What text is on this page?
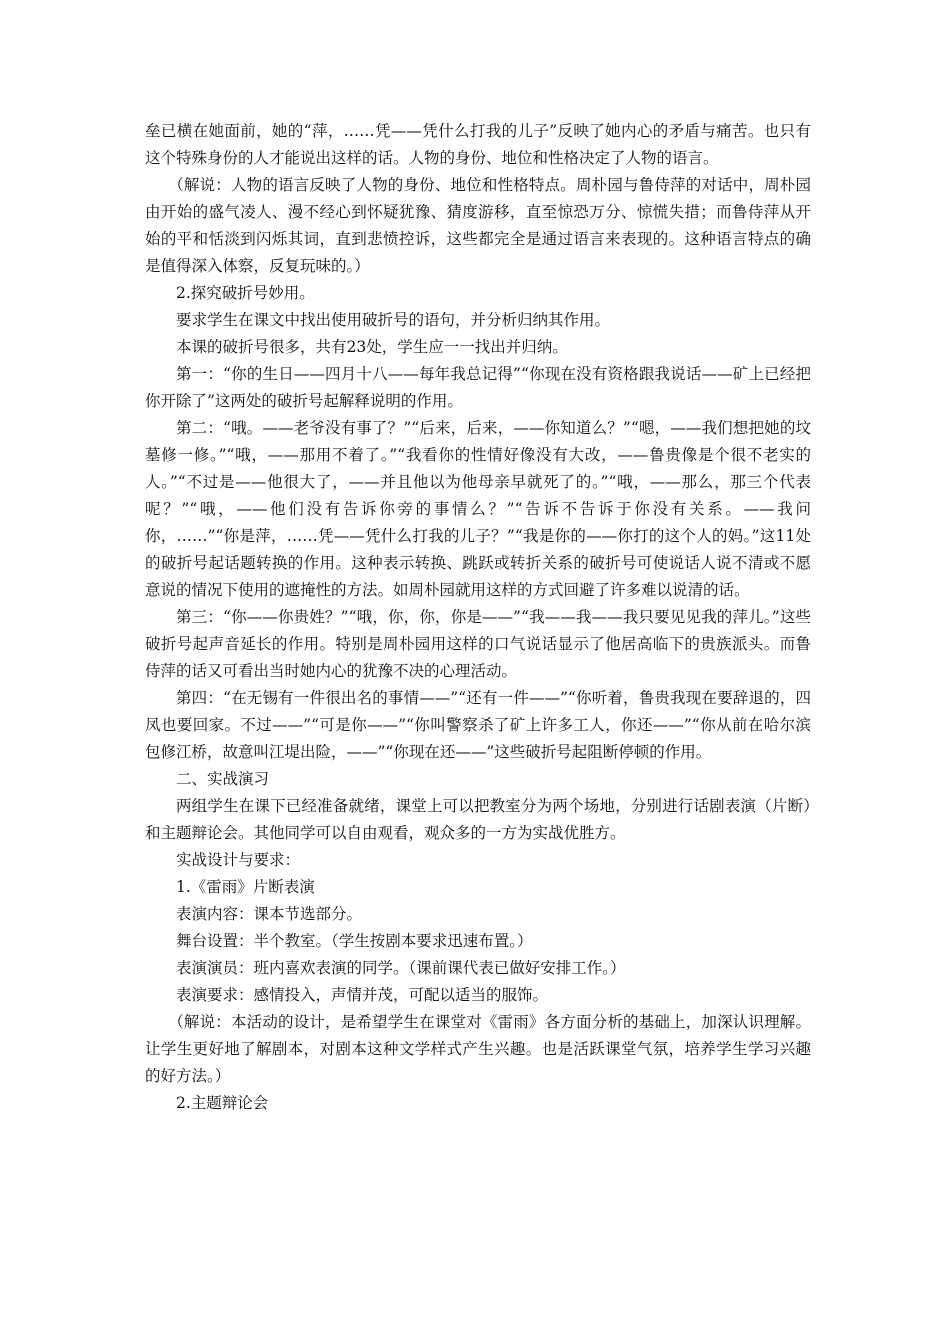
垒已横在她面前，她的“萍，……凭——凭什么打我的儿子”反映了她内心的矛盾与痛苦。也只有这个特殊身份的人才能说出这样的话。人物的身份、地位和性格决定了人物的语言。

（解说：人物的语言反映了人物的身份、地位和性格特点。周朴园与鲁侍萍的对话中，周朴园由开始的盛气凌人、漫不经心到怀疑犹豫、猜度游移，直至惊恐万分、惊慌失措；而鲁侍萍从开始的平和恬淡到闪烁其词，直到悲愤控诉，这些都完全是通过语言来表现的。这种语言特点的确是值得深入体察，反复玩味的。）

2.探究破折号妙用。

要求学生在课文中找出使用破折号的语句，并分析归纳其作用。

本课的破折号很多，共有23处，学生应一一找出并归纳。

第一：“你的生日——四月十八——每年我总记得”“你现在没有资格跟我说话——矿上已经把你开除了”这两处的破折号起解释说明的作用。

第二：“哦。——老爷没有事了？”“后来，后来，——你知道么？”“嗯，——我们想把她的坟墓修一修。”“哦，——那用不着了。”“我看你的性情好像没有大改，——鲁贵像是个很不老实的人。”“不过是——他很大了，——并且他以为他母亲早就死了的。”“哦，——那么，那三个代表呢？”“哦，——他们没有告诉你旁的事情么？”“告诉不告诉于你没有关系。——我问你，……”“你是萍，……凭——凭什么打我的儿子？”“我是你的——你打的这个人的妈。”这11处的破折号起话题转换的作用。这种表示转换、跳跃或转折关系的破折号可使说话人说不清或不愿意说的情况下使用的遮掩性的方法。如周朴园就用这样的方式回避了许多难以说清的话。

第三：“你——你贵姓？”“哦，你，你，你是——”“我——我——我只要见见我的萍儿。”这些破折号起声音延长的作用。特别是周朴园用这样的口气说话显示了他居高临下的贵族派头。而鲁侍萍的话又可看出当时她内心的犹豫不决的心理活动。

第四：“在无锡有一件很出名的事情——”“还有一件——”“你听着，鲁贵我现在要辞退的，四凤也要回家。不过——”“可是你——”“你叫警察杀了矿上许多工人，你还——”“你从前在哈尔滨包修江桥，故意叫江堤出险，——”“你现在还——”这些破折号起阻断停顿的作用。

二、实战演习

两组学生在课下已经准备就绪，课堂上可以把教室分为两个场地，分别进行话剧表演（片断）和主题辩论会。其他同学可以自由观看，观众多的一方为实战优胜方。

实战设计与要求：

1.《雷雨》片断表演

表演内容：课本节选部分。

舞台设置：半个教室。（学生按剧本要求迅速布置。）

表演演员：班内喜欢表演的同学。（课前课代表已做好安排工作。）

表演要求：感情投入，声情并茂，可配以适当的服饰。

（解说：本活动的设计，是希望学生在课堂对《雷雨》各方面分析的基础上，加深认识理解。让学生更好地了解剧本，对剧本这种文学样式产生兴趣。也是活跃课堂气氛，培养学生学习兴趣的好方法。）

2.主题辩论会
